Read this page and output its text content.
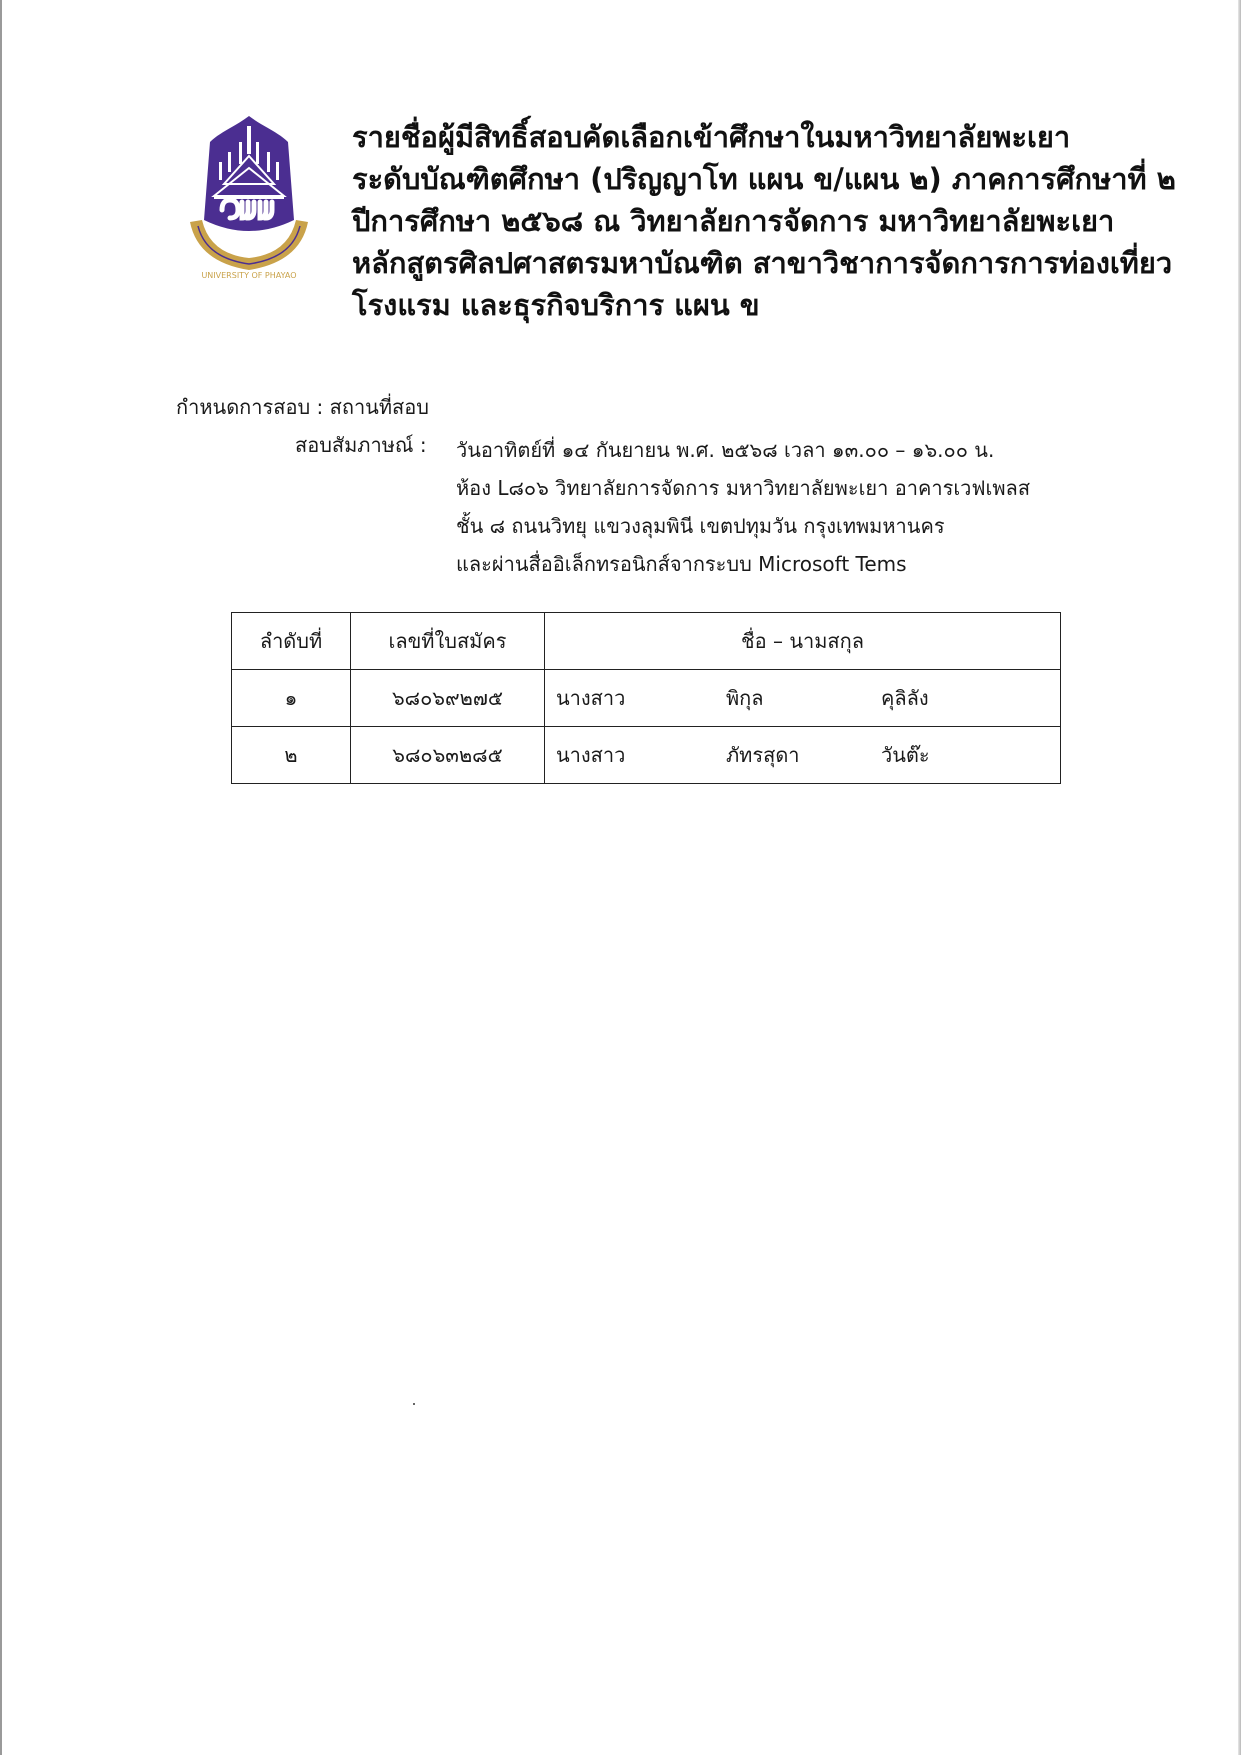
UNIVERSITY OF PHAYAO
รายชื่อผู้มีสิทธิ์สอบคัดเลือกเข้าศึกษาในมหาวิทยาลัยพะเยา
ระดับบัณฑิตศึกษา (ปริญญาโท แผน ข/แผน ๒) ภาคการศึกษาที่ ๒
ปีการศึกษา ๒๕๖๘ ณ วิทยาลัยการจัดการ มหาวิทยาลัยพะเยา
หลักสูตรศิลปศาสตรมหาบัณฑิต สาขาวิชาการจัดการการท่องเที่ยว
โรงแรม และธุรกิจบริการ แผน ข
กำหนดการสอบ : สถานที่สอบ
สอบสัมภาษณ์ : วันอาทิตย์ที่ ๑๔ กันยายน พ.ศ. ๒๕๖๘ เวลา ๑๓.๐๐ – ๑๖.๐๐ น.
ห้อง L๘๐๖ วิทยาลัยการจัดการ มหาวิทยาลัยพะเยา อาคารเวฟเพลส
ชั้น ๘ ถนนวิทยุ แขวงลุมพินี เขตปทุมวัน กรุงเทพมหานคร
และผ่านสื่ออิเล็กทรอนิกส์จากระบบ Microsoft Tems
ลำดับที่	เลขที่ใบสมัคร	ชื่อ – นามสกุล
๑	๖๘๐๖๙๒๗๕	นางสาว พิกุล คุลิลัง
๒	๖๘๐๖๓๒๘๕	นางสาว ภัทรสุดา วันต๊ะ
